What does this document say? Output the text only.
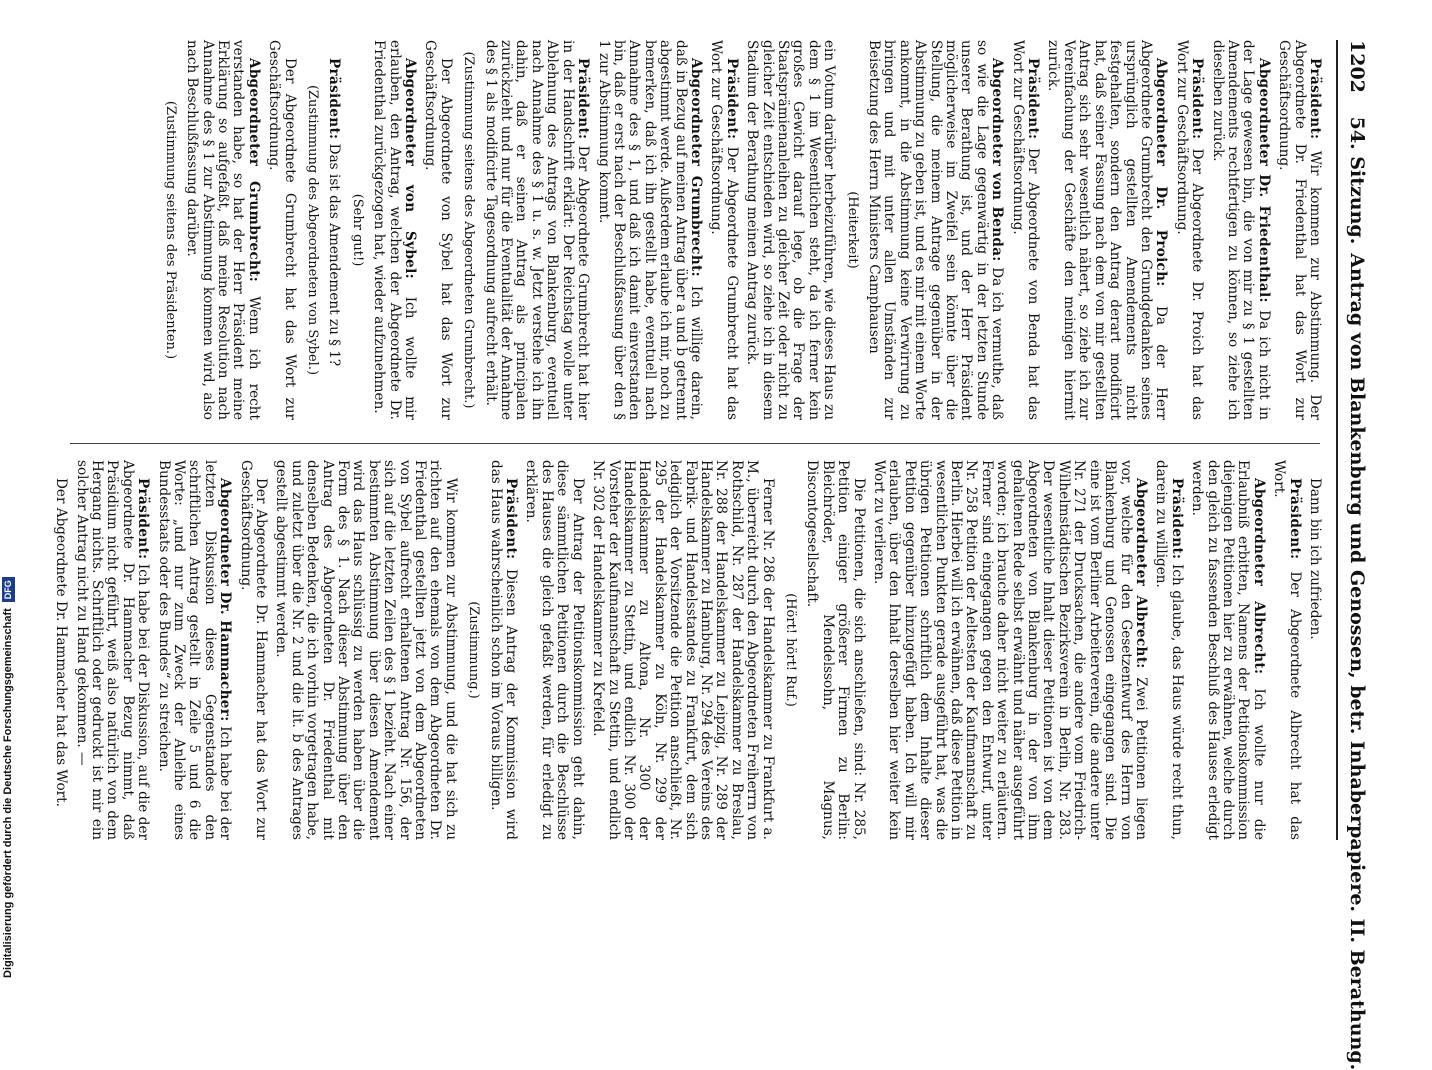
1202 54. Sitzung. Antrag von Blankenburg und Genossen, betr. Inhaberpapiere. II. Berathung.
Präsident: Wir kommen zur Abstimmung. Der Abgeordnete Dr. Friedenthal hat das Wort zur Geschäftsordnung.
Abgeordneter Dr. Friedenthal: Da ich nicht in der Lage gewesen bin, die von mir zu § 1 gestellten Amendements rechtfertigen zu können, so ziehe ich dieselben zurück.
Präsident: Der Abgeordnete Dr. Proich hat das Wort zur Geschäftsordnung.
Abgeordneter Dr. Proich: Da der Herr Abgeordnete Grumbrecht den Grundgedanken seines ursprünglich gestellten Amendements nicht festgehalten, sondern den Antrag derart modificirt hat, daß seiner Fassung nach dem von mir gestellten Antrag sich sehr wesentlich nähert, so ziehe ich zur Vereinfachung der Geschäfte den meinigen hiermit zurück.
Präsident: Der Abgeordnete von Benda hat das Wort zur Geschäftsordnung.
Abgeordneter von Benda: Da ich vermuthe, daß so wie die Lage gegenwärtig in der letzten Stunde unserer Berathung ist, und der Herr Präsident möglicherweise im Zweifel sein könnte über die Stellung, die meinem Antrage gegenüber in der Abstimmung zu geben ist, und es mir mit einem Worte ankommt, in die Abstimmung keine Verwirrung zu bringen und mit unter allen Umständen zur Beisetzung des Herrn Ministers Camphausen
(Heiterkeit)
ein Votum darüber herbeizuführen, wie dieses Haus zu dem § 1 im Wesentlichen steht, da ich ferner kein großes Gewicht darauf lege, ob die Frage der Staatsprämienanleihen zu gleicher Zeit oder nicht zu gleicher Zeit entschieden wird, so ziehe ich in diesem Stadium der Berathung meinen Antrag zurück.
Präsident: Der Abgeordnete Grumbrecht hat das Wort zur Geschäftsordnung.
Abgeordneter Grumbrecht: Ich willige darein, daß in Bezug auf meinen Antrag über a und b getrennt abgestimmt werde. Außerdem erlaube ich mir, noch zu bemerken, daß ich ihn gestellt habe, eventuell nach Annahme des § 1, und daß ich damit einverstanden bin, daß er erst nach der Beschlußfassung über den § 1 zur Abstimmung kommt.
Präsident: Der Abgeordnete Grumbrecht hat hier in der Handschrift erklärt: Der Reichstag wolle unter Ablehnung des Antrags von Blankenburg, eventuell nach Annahme des § 1 u. s. w. Jetzt verstehe ich ihn dahin, daß er seinen Antrag als principalen zurückzieht und nur für die Eventualität der Annahme des § 1 als modificirte Tagesordnung aufrecht erhält.
(Zustimmung seitens des Abgeordneten Grumbrecht.)
Der Abgeordnete von Sybel hat das Wort zur Geschäftsordnung.
Abgeordneter von Sybel: Ich wollte mir erlauben, den Antrag, welchen der Abgeordnete Dr. Friedenthal zurückgezogen hat, wieder aufzunehmen.
(Sehr gut!)
Präsident: Das ist das Amendement zu § 1?
(Zustimmung des Abgeordneten von Sybel.)
Der Abgeordnete Grumbrecht hat das Wort zur Geschäftsordnung.
Abgeordneter Grumbrecht: Wenn ich recht verstanden habe, so hat der Herr Präsident meine Erklärung so aufgefaßt, daß meine Resolution nach Annahme des § 1 zur Abstimmung kommen wird, also nach Beschlußfassung darüber.
(Zustimmung seitens des Präsidenten.)
Dann bin ich zufrieden.
Präsident: Der Abgeordnete Albrecht hat das Wort.
Abgeordneter Albrecht: Ich wollte nur die Erlaubniß erbitten, Namens der Petitionskommission diejenigen Petitionen hier zu erwähnen, welche durch den gleich zu fassenden Beschluß des Hauses erledigt werden.
Präsident: Ich glaube, das Haus würde recht thun, darein zu willigen.
Abgeordneter Albrecht: Zwei Petitionen liegen vor, welche für den Gesetzentwurf des Herrn von Blankenburg und Genossen eingegangen sind. Die eine ist vom Berliner Arbeiterverein, die andere unter Nr. 271 der Drucksachen, die andere vom Friedrich-Wilhelmstädtischen Bezirksverein in Berlin, Nr. 283. Der wesentliche Inhalt dieser Petitionen ist von dem Abgeordneten von Blankenburg in der von ihm gehaltenen Rede selbst erwähnt und näher ausgeführt worden; ich brauche daher nicht weiter zu erläutern. Ferner sind eingegangen gegen den Entwurf, unter Nr. 258 Petition der Aeltesten der Kaufmannschaft zu Berlin. Hierbei will ich erwähnen, daß diese Petition in wesentlichen Punkten gerade ausgeführt hat, was die übrigen Petitionen schriftlich dem Inhalte dieser Petition gegenüber hinzugefügt haben. Ich will mir erlauben, über den Inhalt derselben hier weiter kein Wort zu verlieren.
Die Petitionen, die sich anschließen, sind: Nr. 285, Petition einiger größerer Firmen zu Berlin: Bleichröder, Mendelssohn, Magnus, Discontogesellschaft.
(Hört! hört! Ruf.)
Ferner Nr. 286 der Handelskammer zu Frankfurt a. M., überreicht durch den Abgeordneten Freiherrn von Rothschild, Nr. 287 der Handelskammer zu Breslau, Nr. 288 der Handelskammer zu Leipzig, Nr. 289 der Handelskammer zu Hamburg, Nr. 294 des Vereins des Fabrik- und Handelsstandes zu Frankfurt, dem sich lediglich der Vorsitzende die Petition anschließt, Nr. 295 der Handelskammer zu Köln, Nr. 299 der Handelskammer zu Altona, Nr. 300 der Handelskammer zu Stettin, und endlich Nr. 300 der Vorsteher der Kaufmannschaft zu Stettin, und endlich Nr. 302 der Handelskammer zu Krefeld.
Der Antrag der Petitionskommission geht dahin, diese sämmtlichen Petitionen durch die Beschlüsse des Hauses die gleich gefaßt werden, für erledigt zu erklären.
Präsident: Diesen Antrag der Kommission wird das Haus wahrscheinlich schon im Voraus billigen.
(Zustimmung.)
Wir kommen zur Abstimmung, und die hat sich zu richten auf den ehemals von dem Abgeordneten Dr. Friedenthal gestellten jetzt von dem Abgeordneten von Sybel aufrecht erhaltenen Antrag Nr. 156, der sich auf die letzten Zeilen des § 1 bezieht. Nach einer bestimmten Abstimmung über diesen Amendement wird das Haus schlüssig zu werden haben über die Form des § 1. Nach dieser Abstimmung über den Antrag des Abgeordneten Dr. Friedenthal mit denselben Bedenken, die ich vorhin vorgetragen habe, und zuletzt über die Nr. 2 und die lit. b des Antrages gestellt abgestimmt werden.
Der Abgeordnete Dr. Hammacher hat das Wort zur Geschäftsordnung.
Abgeordneter Dr. Hammacher: Ich habe bei der letzten Diskussion dieses Gegenstandes den schriftlichen Antrag gestellt in Zeile 5 und 6 die Worte: „und nur zum Zweck der Anleihe eines Bundesstaats oder des Bundes“ zu streichen.
Präsident: Ich habe bei der Diskussion, auf die der Abgeordnete Dr. Hammacher Bezug nimmt, daß Präsidium nicht geführt, weiß also natürlich von dem Hergang nichts. Schriftlich oder gedruckt ist mir ein solcher Antrag nicht zu Hand gekommen. —
Der Abgeordnete Dr. Hammacher hat das Wort.
Digitalisierung gefördert durch die Deutsche ForschungsgemeinschaftDFG
